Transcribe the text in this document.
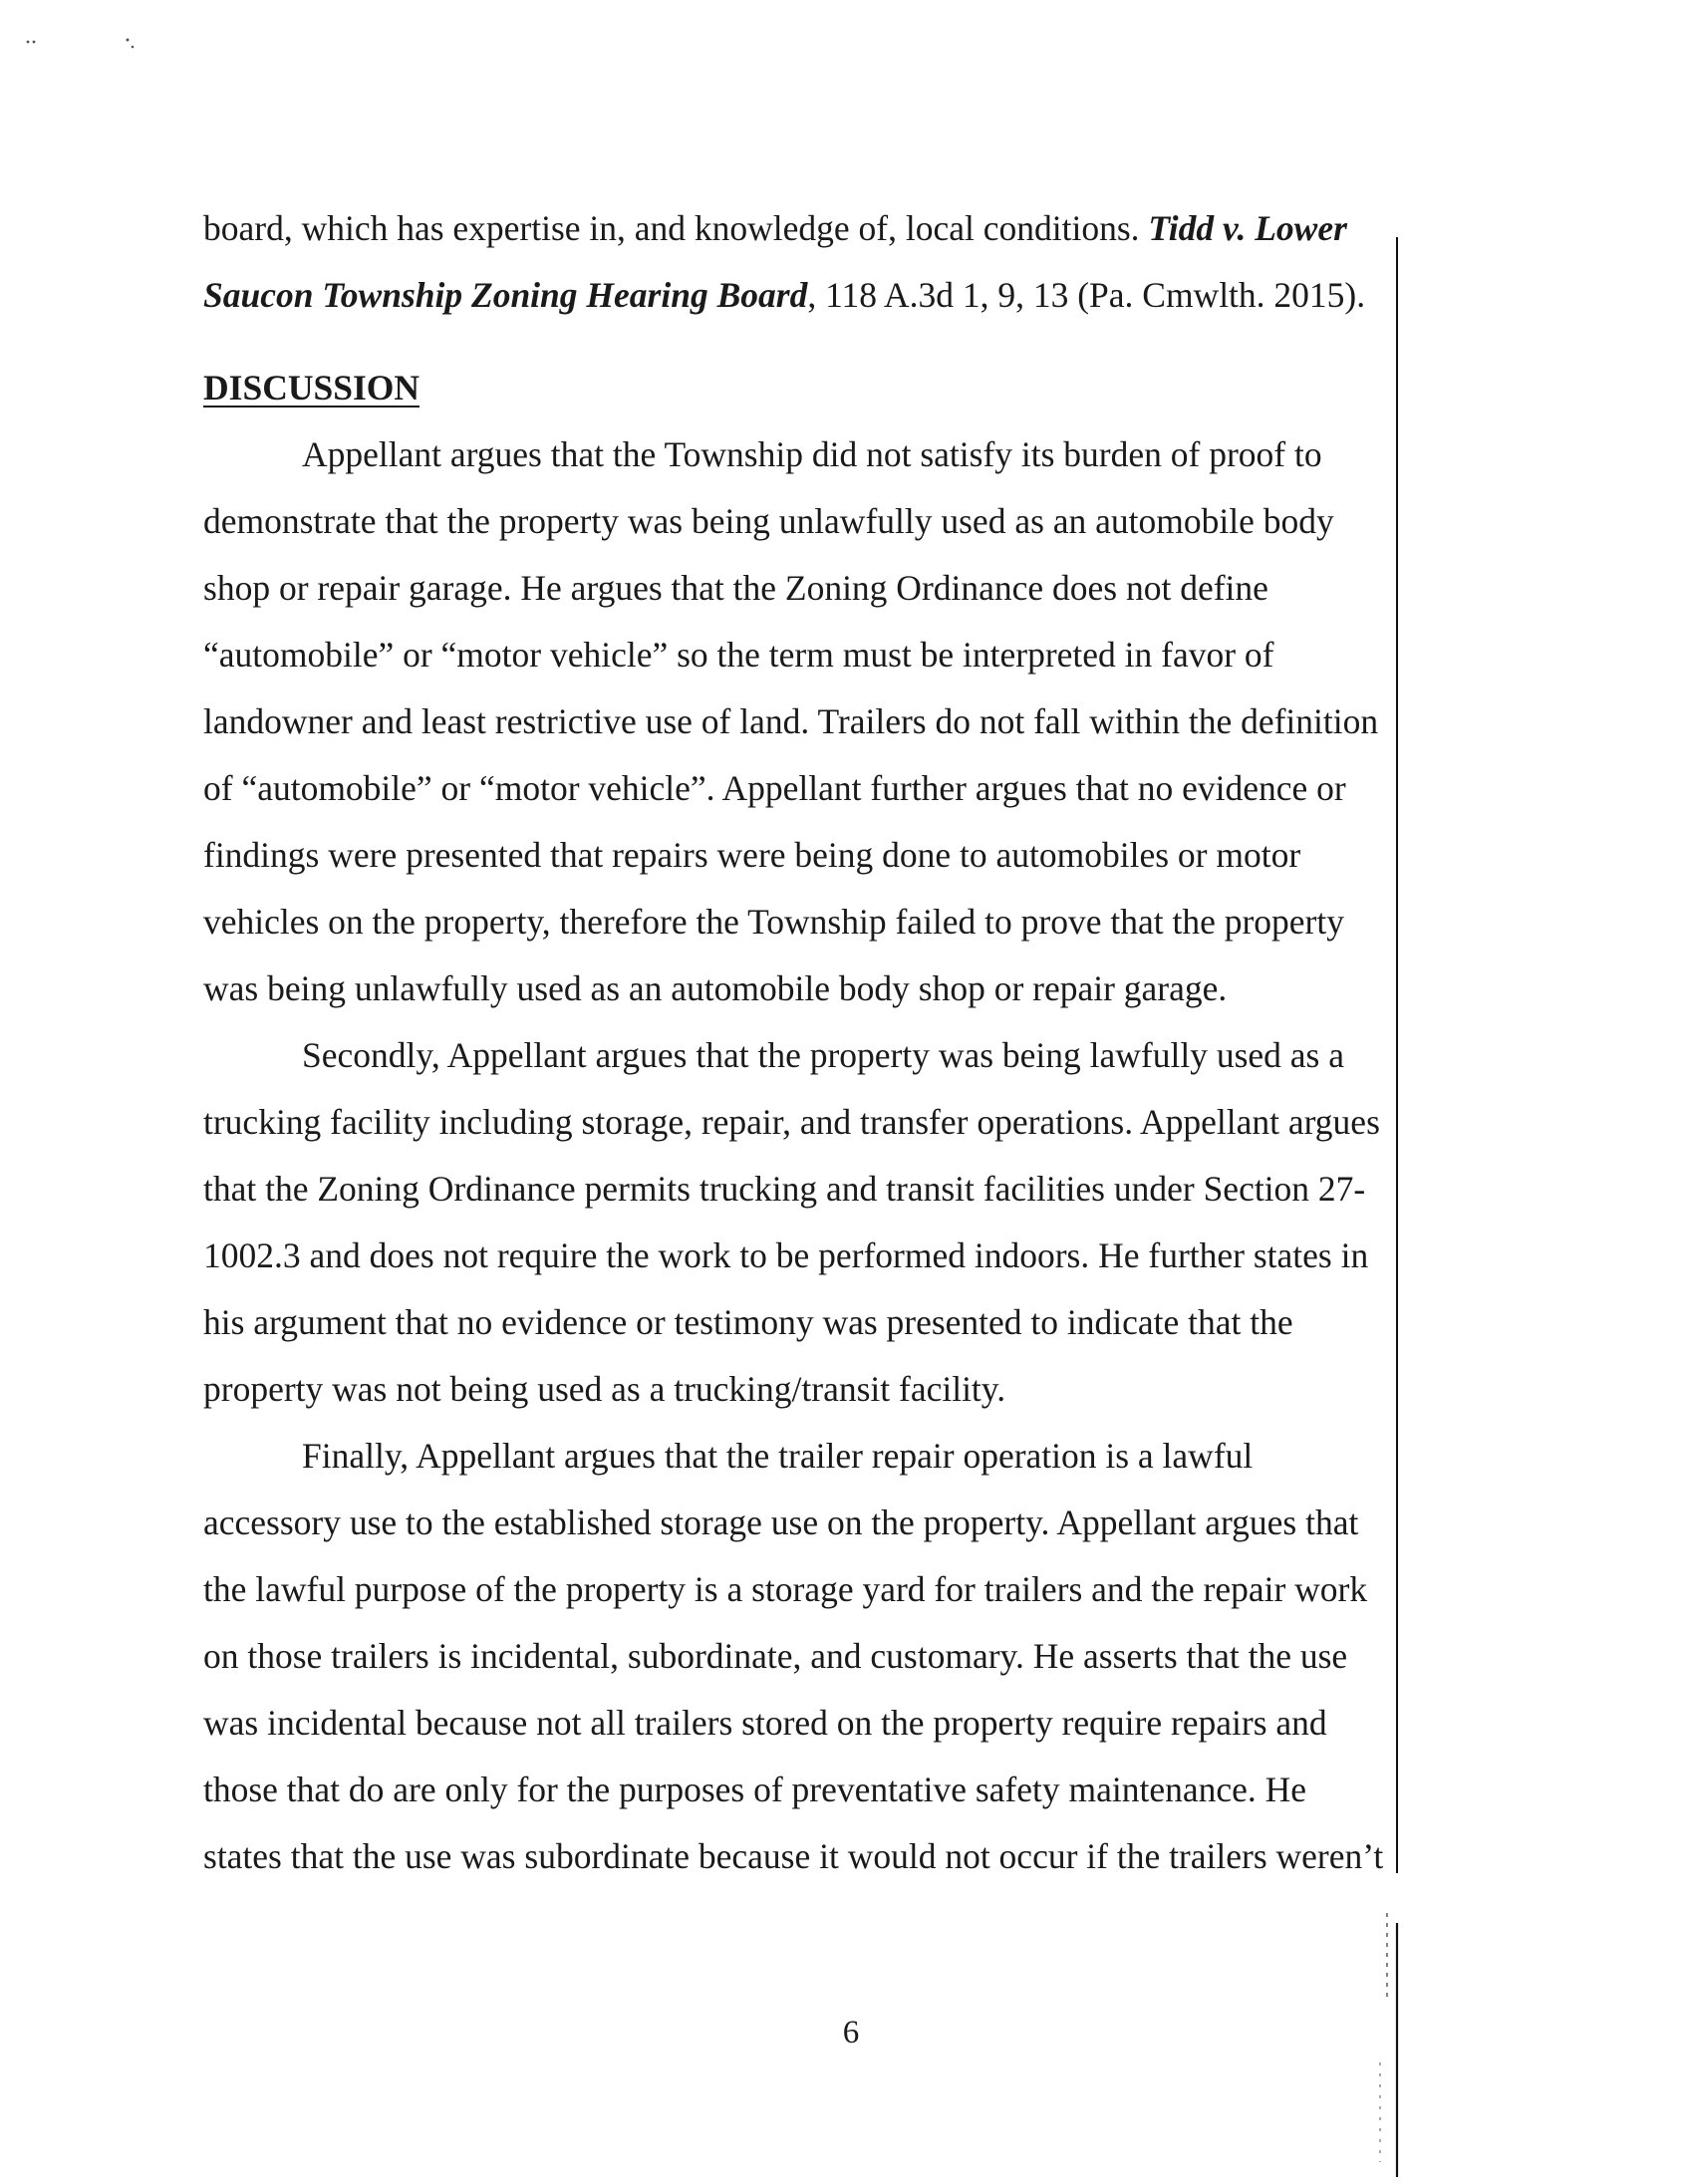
board, which has expertise in, and knowledge of, local conditions. Tidd v. Lower
Saucon Township Zoning Hearing Board, 118 A.3d 1, 9, 13 (Pa. Cmwlth. 2015).
DISCUSSION
Appellant argues that the Township did not satisfy its burden of proof to
demonstrate that the property was being unlawfully used as an automobile body
shop or repair garage. He argues that the Zoning Ordinance does not define
“automobile” or “motor vehicle” so the term must be interpreted in favor of
landowner and least restrictive use of land. Trailers do not fall within the definition
of “automobile” or “motor vehicle”. Appellant further argues that no evidence or
findings were presented that repairs were being done to automobiles or motor
vehicles on the property, therefore the Township failed to prove that the property
was being unlawfully used as an automobile body shop or repair garage.
Secondly, Appellant argues that the property was being lawfully used as a
trucking facility including storage, repair, and transfer operations. Appellant argues
that the Zoning Ordinance permits trucking and transit facilities under Section 27-
1002.3 and does not require the work to be performed indoors. He further states in
his argument that no evidence or testimony was presented to indicate that the
property was not being used as a trucking/transit facility.
Finally, Appellant argues that the trailer repair operation is a lawful
accessory use to the established storage use on the property. Appellant argues that
the lawful purpose of the property is a storage yard for trailers and the repair work
on those trailers is incidental, subordinate, and customary. He asserts that the use
was incidental because not all trailers stored on the property require repairs and
those that do are only for the purposes of preventative safety maintenance. He
states that the use was subordinate because it would not occur if the trailers weren’t
6
